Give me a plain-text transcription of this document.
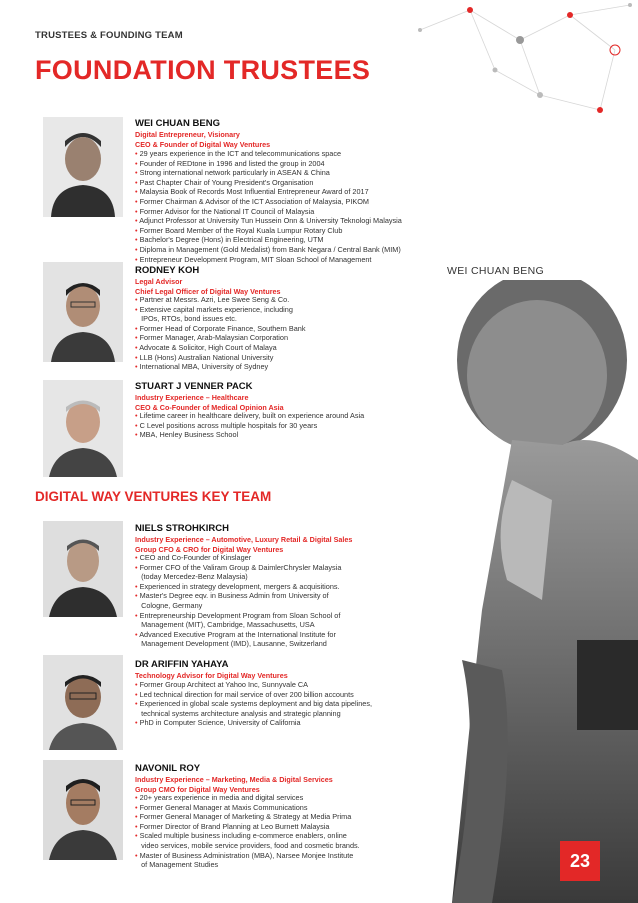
TRUSTEES & FOUNDING TEAM
FOUNDATION TRUSTEES
WEI CHUAN BENG
WEI CHUAN BENG
Digital Entrepreneur, Visionary
CEO & Founder of Digital Way Ventures
• 29 years experience in the ICT and telecommunications space
• Founder of REDtone in 1996 and listed the group in 2004
• Strong international network particularly in ASEAN & China
• Past Chapter Chair of Young President's Organisation
• Malaysia Book of Records Most Influential Entrepreneur Award of 2017
• Former Chairman & Advisor of the ICT Association of Malaysia, PIKOM
• Former Advisor for the National IT Council of Malaysia
• Adjunct Professor at University Tun Hussein Onn & University Teknologi Malaysia
• Former Board Member of the Royal Kuala Lumpur Rotary Club
• Bachelor's Degree (Hons) in Electrical Engineering, UTM
• Diploma in Management (Gold Medalist) from Bank Negara / Central Bank (MIM)
• Entrepreneur Development Program, MIT Sloan School of Management
RODNEY KOH
Legal Advisor
Chief Legal Officer of Digital Way Ventures
• Partner at Messrs. Azri, Lee Swee Seng & Co.
• Extensive capital markets experience, including
IPOs, RTOs, bond issues etc.
• Former Head of Corporate Finance, Southern Bank
• Former Manager, Arab-Malaysian Corporation
• Advocate & Solicitor, High Court of Malaya
• LLB (Hons) Australian National University
• International MBA, University of Sydney
STUART J VENNER PACK
Industry Experience – Healthcare
CEO & Co-Founder of Medical Opinion Asia
• Lifetime career in healthcare delivery, built on experience around Asia
• C Level positions across multiple hospitals for 30 years
• MBA, Henley Business School
DIGITAL WAY VENTURES KEY TEAM
NIELS STROHKIRCH
Industry Experience – Automotive, Luxury Retail & Digital Sales
Group CFO & CRO for Digital Way Ventures
• CEO and Co-Founder of Kinslager
• Former CFO of the Valiram Group & DaimlerChrysler Malaysia
(today Mercedez-Benz Malaysia)
• Experienced in strategy development, mergers & acquisitions.
• Master's Degree eqv. in Business Admin from University of
Cologne, Germany
• Entrepreneurship Development Program from Sloan School of
Management (MIT), Cambridge, Massachusetts, USA
• Advanced Executive Program at the International Institute for
Management Development (IMD), Lausanne, Switzerland
DR ARIFFIN YAHAYA
Technology Advisor for Digital Way Ventures
• Former Group Architect at Yahoo Inc, Sunnyvale CA
• Led technical direction for mail service of over 200 billion accounts
• Experienced in global scale systems deployment and big data pipelines,
technical systems architecture analysis and strategic planning
• PhD in Computer Science, University of California
NAVONIL ROY
Industry Experience – Marketing, Media & Digital Services
Group CMO for Digital Way Ventures
• 20+ years experience in media and digital services
• Former General Manager at Maxis Communications
• Former General Manager of Marketing & Strategy at Media Prima
• Former Director of Brand Planning at Leo Burnett Malaysia
• Scaled multiple business including e-commerce enablers, online
video services, mobile service providers, food and cosmetic brands.
• Master of Business Administration (MBA), Narsee Monjee Institute
of Management Studies	23
